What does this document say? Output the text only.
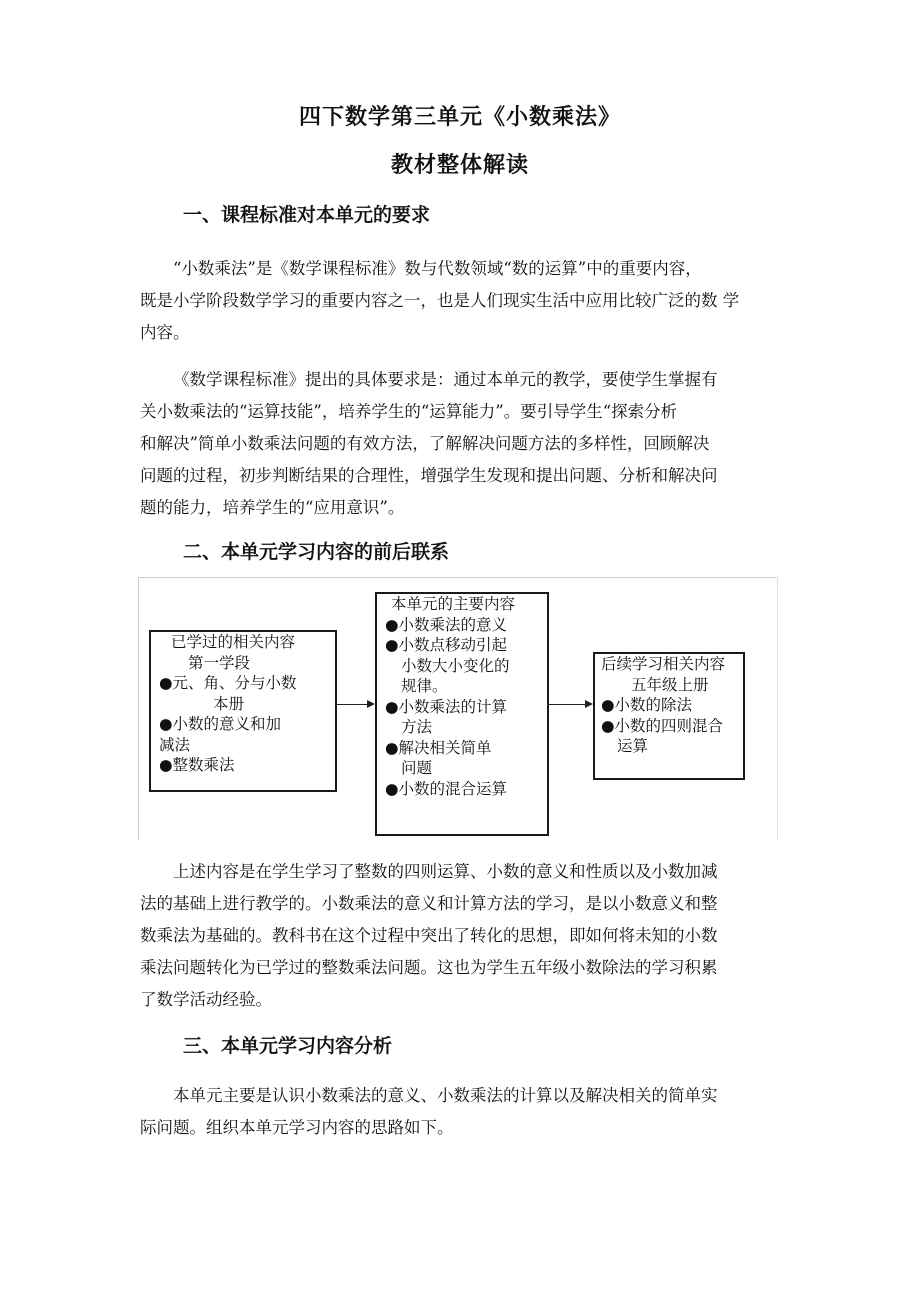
四下数学第三单元《小数乘法》
教材整体解读
一、课程标准对本单元的要求
“小数乘法”是《数学课程标准》数与代数领域“数的运算”中的重要内容，
既是小学阶段数学学习的重要内容之一，也是人们现实生活中应用比较广泛的数 学
内容。
《数学课程标准》提出的具体要求是：通过本单元的教学，要使学生掌握有
关小数乘法的“运算技能”，培养学生的“运算能力”。要引导学生“探索分析
和解决”简单小数乘法问题的有效方法，了解解决问题方法的多样性，回顾解决
问题的过程，初步判断结果的合理性，增强学生发现和提出问题、分析和解决问
题的能力，培养学生的“应用意识”。
二、本单元学习内容的前后联系
已学过的相关内容
第一学段
●元、角、分与小数
本册
●小数的意义和加
减法
●整数乘法
本单元的主要内容
●小数乘法的意义
●小数点移动引起
小数大小变化的
规律。
●小数乘法的计算
方法
●解决相关简单
问题
●小数的混合运算
后续学习相关内容
五年级上册
●小数的除法
●小数的四则混合
运算
上述内容是在学生学习了整数的四则运算、小数的意义和性质以及小数加减
法的基础上进行教学的。小数乘法的意义和计算方法的学习，是以小数意义和整
数乘法为基础的。教科书在这个过程中突出了转化的思想，即如何将未知的小数
乘法问题转化为已学过的整数乘法问题。这也为学生五年级小数除法的学习积累
了数学活动经验。
三、本单元学习内容分析
本单元主要是认识小数乘法的意义、小数乘法的计算以及解决相关的简单实
际问题。组织本单元学习内容的思路如下。
